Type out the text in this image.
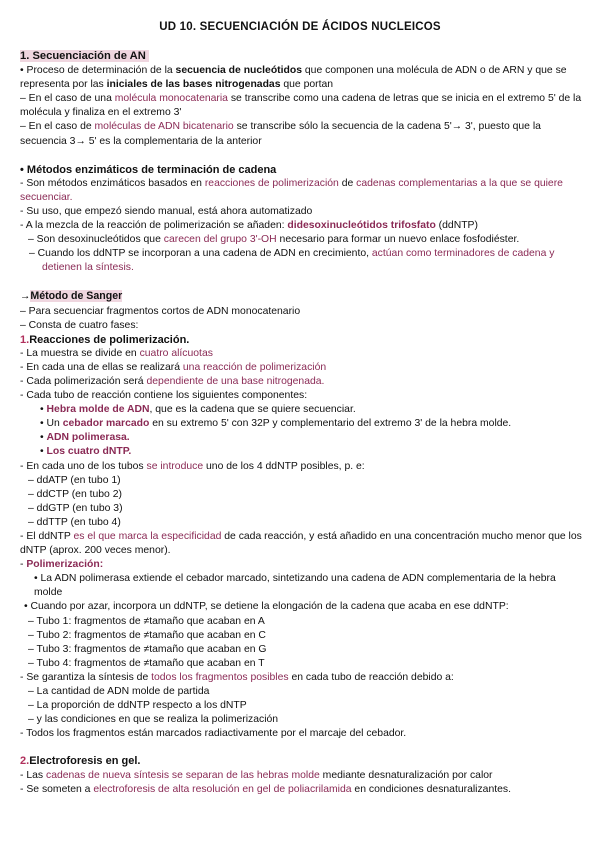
UD 10. SECUENCIACIÓN DE ÁCIDOS NUCLEICOS
1. Secuenciación de AN
• Proceso de determinación de la secuencia de nucleótidos que componen una molécula de ADN o de ARN y que se representa por las iniciales de las bases nitrogenadas que portan
– En el caso de una molécula monocatenaria se transcribe como una cadena de letras que se inicia en el extremo 5' de la molécula y finaliza en el extremo 3'
– En el caso de moléculas de ADN bicatenario se transcribe sólo la secuencia de la cadena 5'→ 3', puesto que la secuencia 3→ 5' es la complementaria de la anterior
• Métodos enzimáticos de terminación de cadena
- Son métodos enzimáticos basados en reacciones de polimerización de cadenas complementarias a la que se quiere secuenciar.
- Su uso, que empezó siendo manual, está ahora automatizado
- A la mezcla de la reacción de polimerización se añaden: didesoxinucleótidos trifosfato (ddNTP)
– Son desoxinucleótidos que carecen del grupo 3'-OH necesario para formar un nuevo enlace fosfodiéster.
– Cuando los ddNTP se incorporan a una cadena de ADN en crecimiento, actúan como terminadores de cadena y detienen la síntesis.
→Método de Sanger
– Para secuenciar fragmentos cortos de ADN monocatenario
– Consta de cuatro fases:
1.Reacciones de polimerización.
- La muestra se divide en cuatro alícuotas
- En cada una de ellas se realizará una reacción de polimerización
- Cada polimerización será dependiente de una base nitrogenada.
- Cada tubo de reacción contiene los siguientes componentes:
• Hebra molde de ADN, que es la cadena que se quiere secuenciar.
• Un cebador marcado en su extremo 5' con 32P y complementario del extremo 3' de la hebra molde.
• ADN polimerasa.
• Los cuatro dNTP.
- En cada uno de los tubos se introduce uno de los 4 ddNTP posibles, p. e:
– ddATP (en tubo 1)
– ddCTP (en tubo 2)
– ddGTP (en tubo 3)
– ddTTP (en tubo 4)
- El ddNTP es el que marca la especificidad de cada reacción, y está añadido en una concentración mucho menor que los dNTP (aprox. 200 veces menor).
- Polimerización:
• La ADN polimerasa extiende el cebador marcado, sintetizando una cadena de ADN complementaria de la hebra molde
• Cuando por azar, incorpora un ddNTP, se detiene la elongación de la cadena que acaba en ese ddNTP:
– Tubo 1: fragmentos de ≠tamaño que acaban en A
– Tubo 2: fragmentos de ≠tamaño que acaban en C
– Tubo 3: fragmentos de ≠tamaño que acaban en G
– Tubo 4: fragmentos de ≠tamaño que acaban en T
- Se garantiza la síntesis de todos los fragmentos posibles en cada tubo de reacción debido a:
– La cantidad de ADN molde de partida
– La proporción de ddNTP respecto a los dNTP
– y las condiciones en que se realiza la polimerización
- Todos los fragmentos están marcados radiactivamente por el marcaje del cebador.
2.Electroforesis en gel.
- Las cadenas de nueva síntesis se separan de las hebras molde mediante desnaturalización por calor
- Se someten a electroforesis de alta resolución en gel de poliacrilamida en condiciones desnaturalizantes.
